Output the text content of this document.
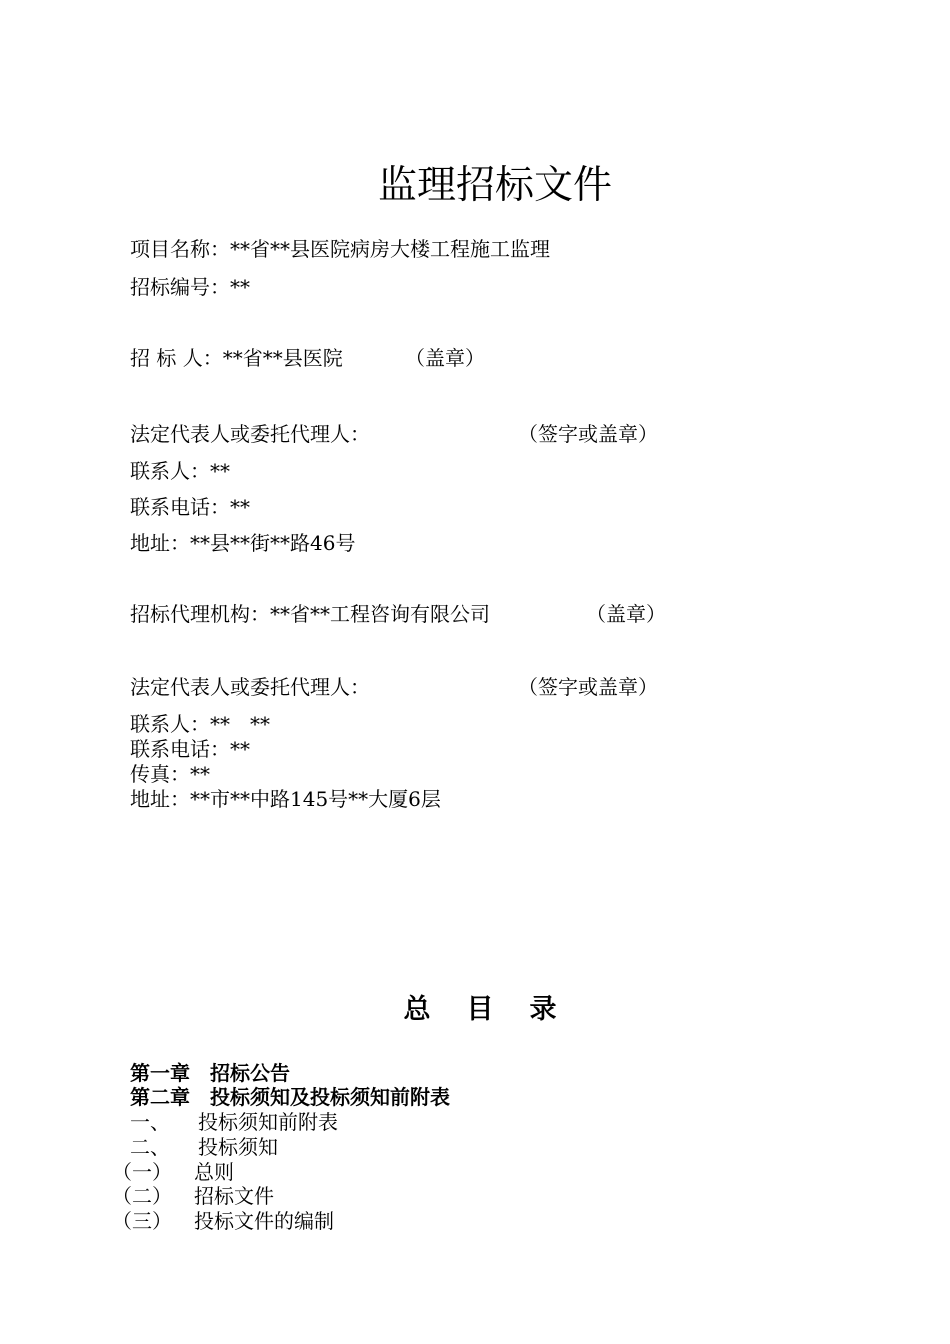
监理招标文件
项目名称：**省**县医院病房大楼工程施工监理
招标编号：**
招 标 人：**省**县医院	（盖章）
法定代表人或委托代理人：	（签字或盖章）
联系人：**
联系电话：**
地址：**县**街**路46号
招标代理机构：**省**工程咨询有限公司	（盖章）
法定代表人或委托代理人：	（签字或盖章）
联系人：**　**
联系电话：**
传真：**
地址：**市**中路145号**大厦6层
总目录
第一章　招标公告
第二章　投标须知及投标须知前附表
一、 投标须知前附表
二、 投标须知
（一） 总则
（二） 招标文件
（三） 投标文件的编制
